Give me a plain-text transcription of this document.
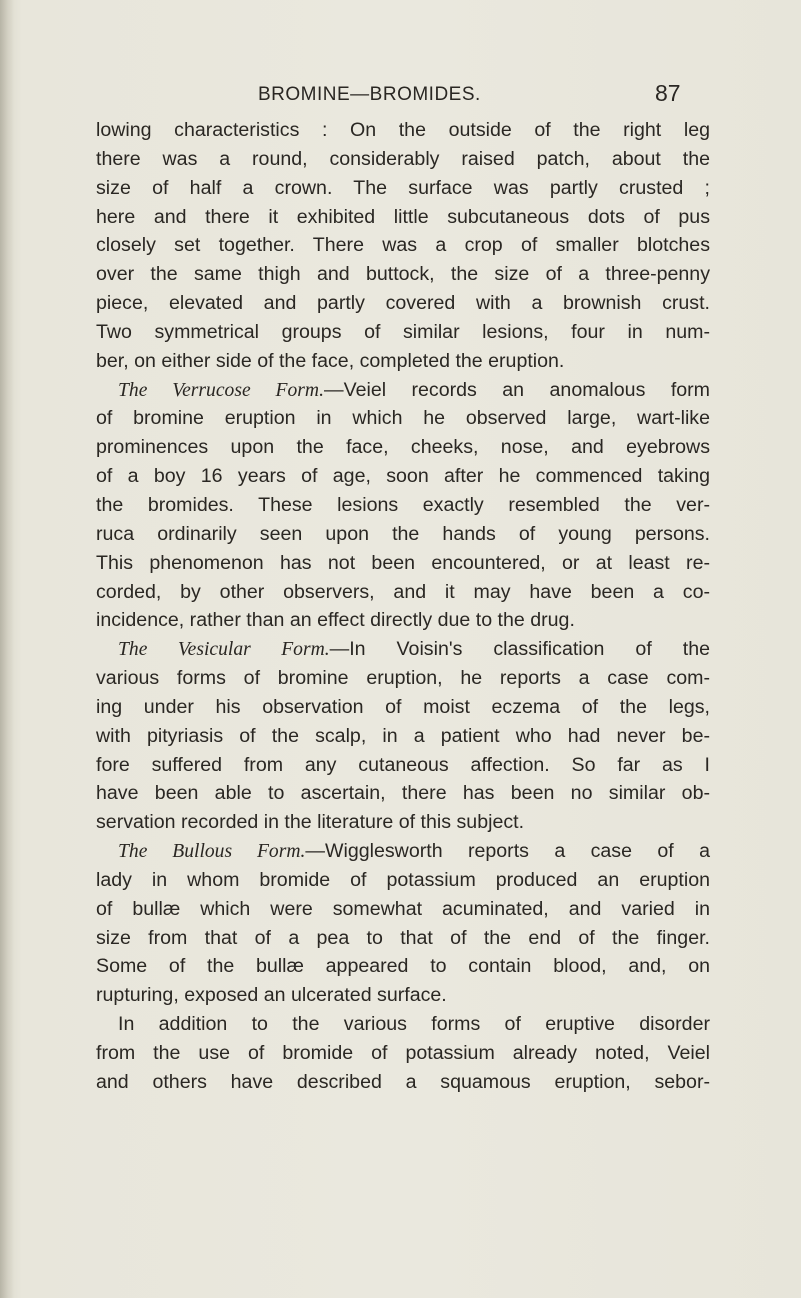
BROMINE—BROMIDES.	87
lowing characteristics : On the outside of the right leg
there was a round, considerably raised patch, about the
size of half a crown. The surface was partly crusted ;
here and there it exhibited little subcutaneous dots of pus
closely set together. There was a crop of smaller blotches
over the same thigh and buttock, the size of a three-penny
piece, elevated and partly covered with a brownish crust.
Two symmetrical groups of similar lesions, four in num-
ber, on either side of the face, completed the eruption.
The Verrucose Form.—Veiel records an anomalous form
of bromine eruption in which he observed large, wart-like
prominences upon the face, cheeks, nose, and eyebrows
of a boy 16 years of age, soon after he commenced taking
the bromides. These lesions exactly resembled the ver-
ruca ordinarily seen upon the hands of young persons.
This phenomenon has not been encountered, or at least re-
corded, by other observers, and it may have been a co-
incidence, rather than an effect directly due to the drug.
The Vesicular Form.—In Voisin's classification of the
various forms of bromine eruption, he reports a case com-
ing under his observation of moist eczema of the legs,
with pityriasis of the scalp, in a patient who had never be-
fore suffered from any cutaneous affection. So far as I
have been able to ascertain, there has been no similar ob-
servation recorded in the literature of this subject.
The Bullous Form.—Wigglesworth reports a case of a
lady in whom bromide of potassium produced an eruption
of bullæ which were somewhat acuminated, and varied in
size from that of a pea to that of the end of the finger.
Some of the bullæ appeared to contain blood, and, on
rupturing, exposed an ulcerated surface.
In addition to the various forms of eruptive disorder
from the use of bromide of potassium already noted, Veiel
and others have described a squamous eruption, sebor-
